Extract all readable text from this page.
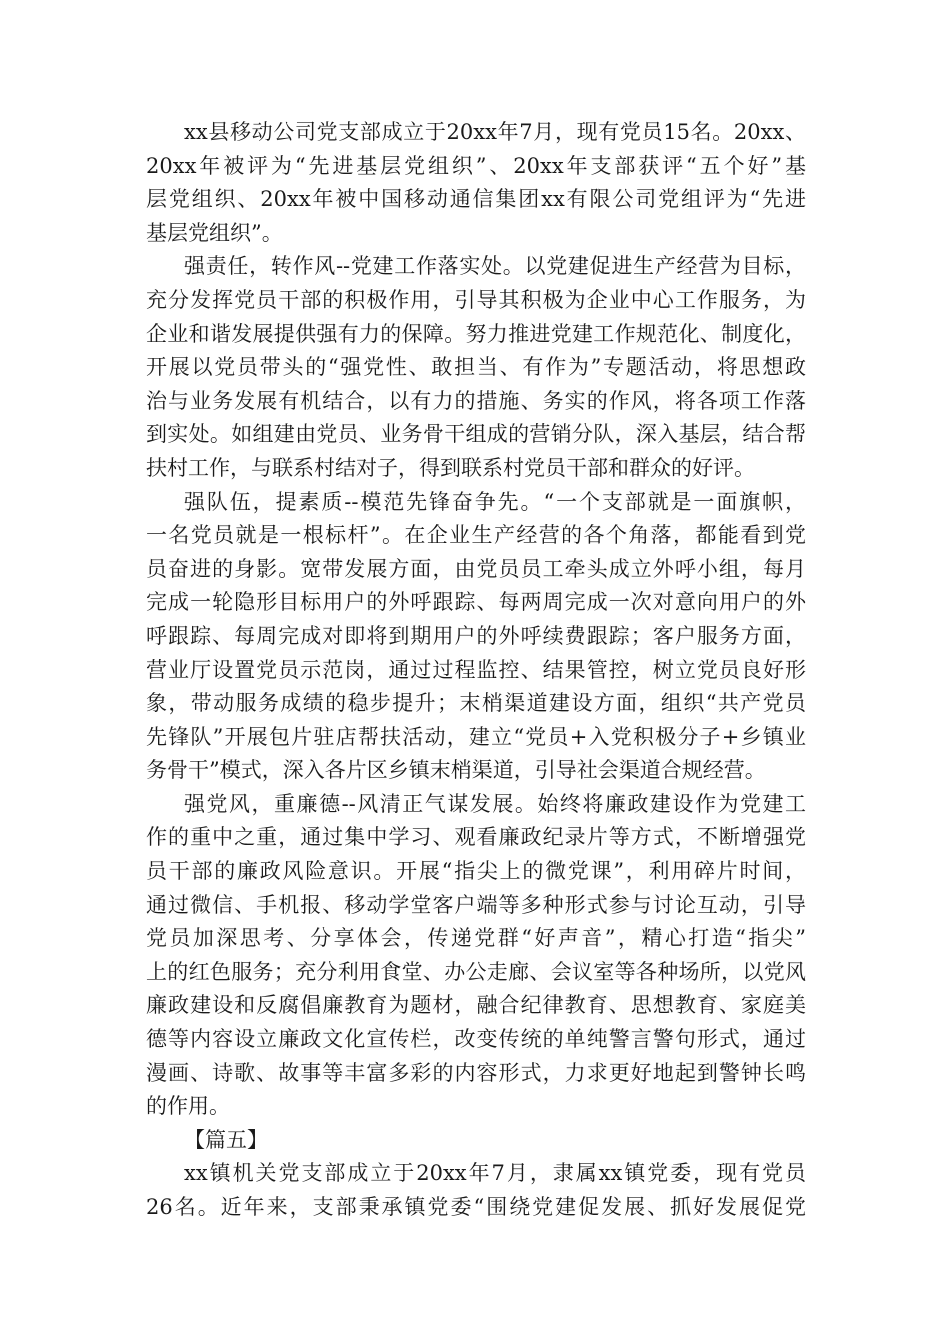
xx县移动公司党支部成立于20xx年7月，现有党员15名。20xx、
20xx年被评为“先进基层党组织”、20xx年支部获评“五个好”基
层党组织、20xx年被中国移动通信集团xx有限公司党组评为“先进
基层党组织”。
强责任，转作风--党建工作落实处。以党建促进生产经营为目标，
充分发挥党员干部的积极作用，引导其积极为企业中心工作服务，为
企业和谐发展提供强有力的保障。努力推进党建工作规范化、制度化，
开展以党员带头的“强党性、敢担当、有作为”专题活动，将思想政
治与业务发展有机结合，以有力的措施、务实的作风，将各项工作落
到实处。如组建由党员、业务骨干组成的营销分队，深入基层，结合帮
扶村工作，与联系村结对子，得到联系村党员干部和群众的好评。
强队伍，提素质--模范先锋奋争先。“一个支部就是一面旗帜，
一名党员就是一根标杆”。在企业生产经营的各个角落，都能看到党
员奋进的身影。宽带发展方面，由党员员工牵头成立外呼小组，每月
完成一轮隐形目标用户的外呼跟踪、每两周完成一次对意向用户的外
呼跟踪、每周完成对即将到期用户的外呼续费跟踪；客户服务方面，
营业厅设置党员示范岗，通过过程监控、结果管控，树立党员良好形
象，带动服务成绩的稳步提升；末梢渠道建设方面，组织“共产党员
先锋队”开展包片驻店帮扶活动，建立“党员+入党积极分子+乡镇业
务骨干”模式，深入各片区乡镇末梢渠道，引导社会渠道合规经营。
强党风，重廉德--风清正气谋发展。始终将廉政建设作为党建工
作的重中之重，通过集中学习、观看廉政纪录片等方式，不断增强党
员干部的廉政风险意识。开展“指尖上的微党课”，利用碎片时间，
通过微信、手机报、移动学堂客户端等多种形式参与讨论互动，引导
党员加深思考、分享体会，传递党群“好声音”，精心打造“指尖”
上的红色服务；充分利用食堂、办公走廊、会议室等各种场所，以党风
廉政建设和反腐倡廉教育为题材，融合纪律教育、思想教育、家庭美
德等内容设立廉政文化宣传栏，改变传统的单纯警言警句形式，通过
漫画、诗歌、故事等丰富多彩的内容形式，力求更好地起到警钟长鸣
的作用。
【篇五】
xx镇机关党支部成立于20xx年7月，隶属xx镇党委，现有党员
26名。近年来，支部秉承镇党委“围绕党建促发展、抓好发展促党
